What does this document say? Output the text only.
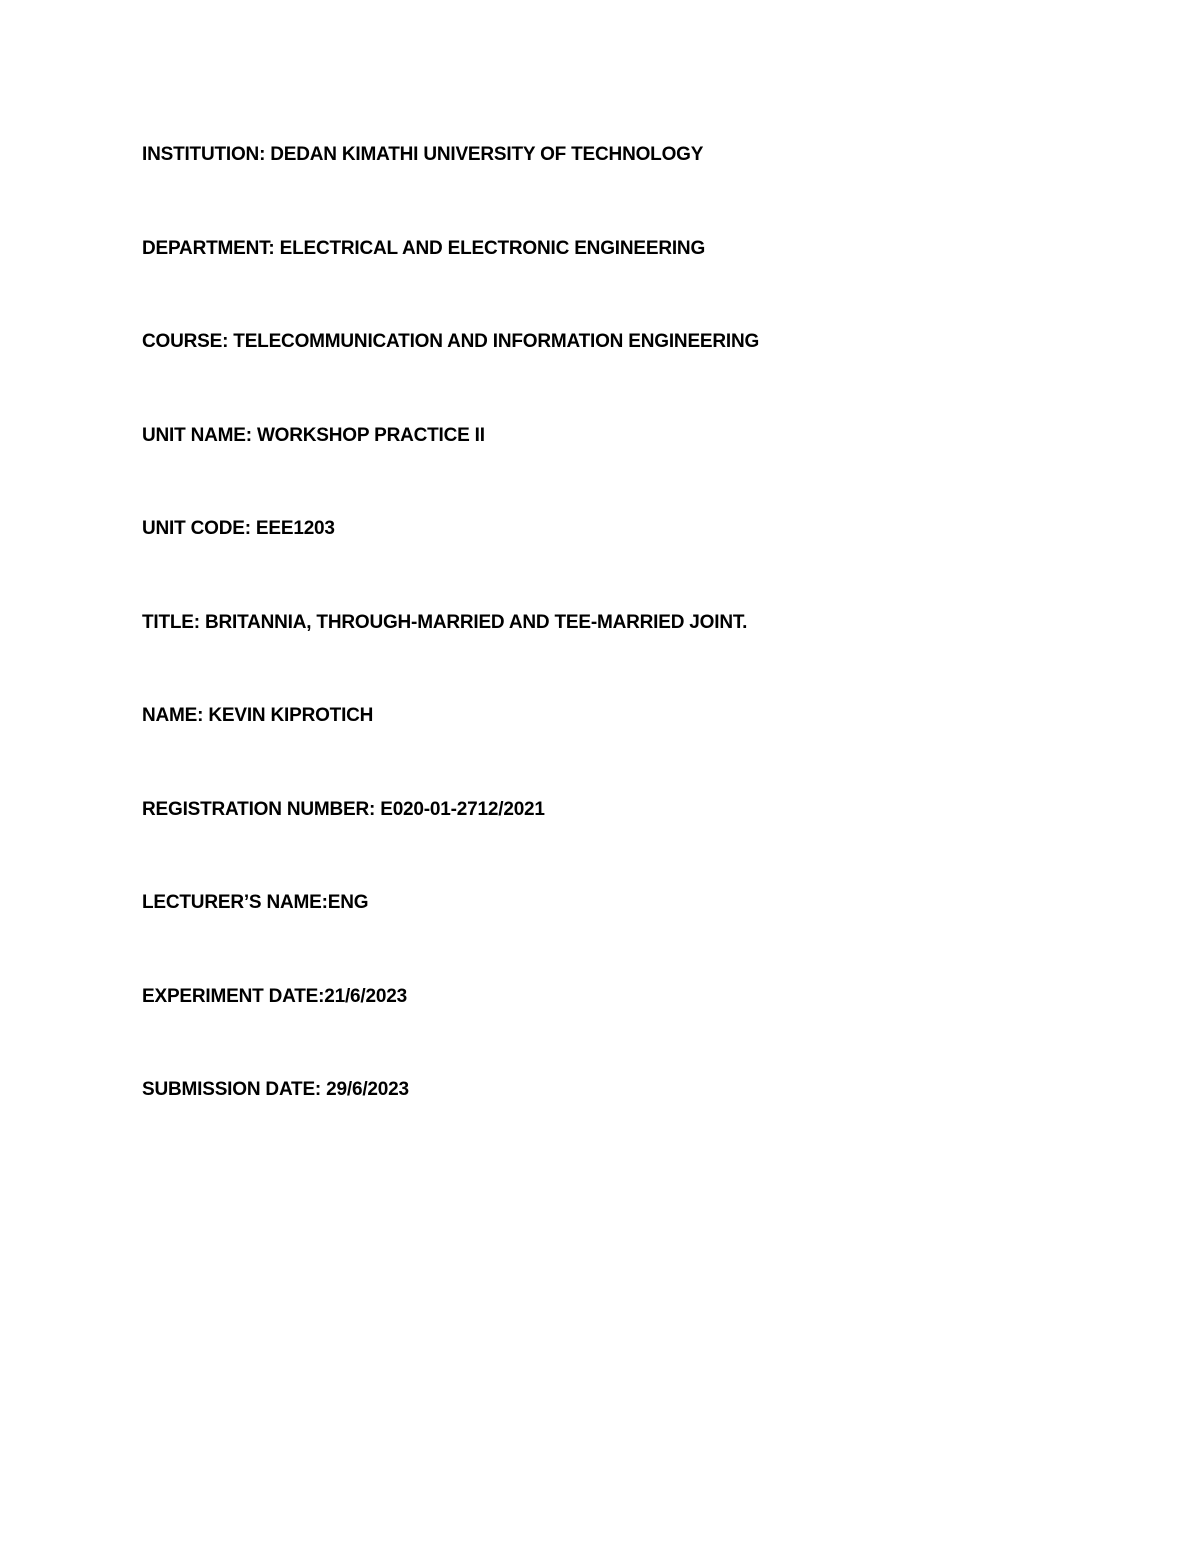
INSTITUTION: DEDAN KIMATHI UNIVERSITY OF TECHNOLOGY
DEPARTMENT: ELECTRICAL AND ELECTRONIC ENGINEERING
COURSE: TELECOMMUNICATION AND INFORMATION ENGINEERING
UNIT NAME: WORKSHOP PRACTICE II
UNIT CODE: EEE1203
TITLE: BRITANNIA, THROUGH-MARRIED AND TEE-MARRIED JOINT.
NAME: KEVIN KIPROTICH
REGISTRATION NUMBER: E020-01-2712/2021
LECTURER’S NAME:ENG
EXPERIMENT DATE:21/6/2023
SUBMISSION DATE: 29/6/2023
